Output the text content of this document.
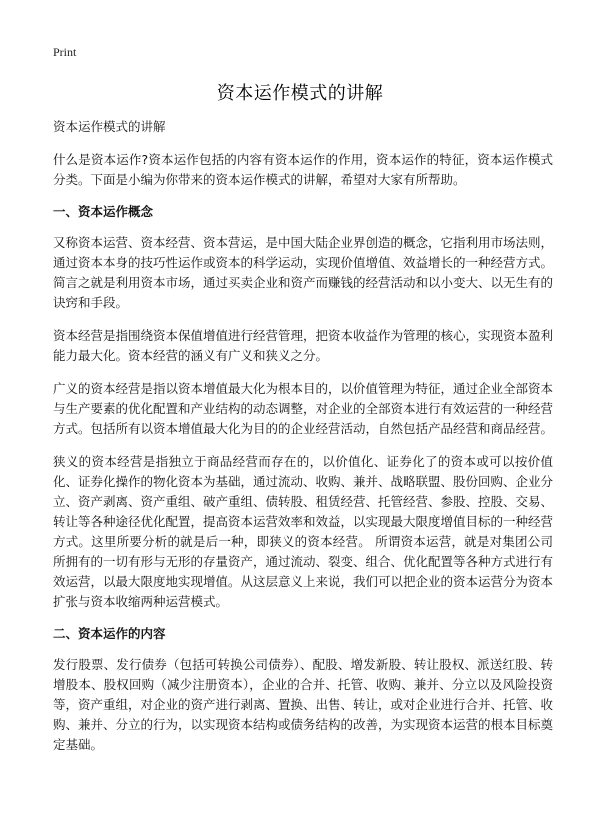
Print
资本运作模式的讲解
资本运作模式的讲解

什么是资本运作?资本运作包括的内容有资本运作的作用，资本运作的特征，资本运作模式分类。下面是小编为你带来的资本运作模式的讲解，希望对大家有所帮助。

一、资本运作概念

又称资本运营、资本经营、资本营运，是中国大陆企业界创造的概念，它指利用市场法则，通过资本本身的技巧性运作或资本的科学运动，实现价值增值、效益增长的一种经营方式。简言之就是利用资本市场，通过买卖企业和资产而赚钱的经营活动和以小变大、以无生有的诀窍和手段。

资本经营是指围绕资本保值增值进行经营管理，把资本收益作为管理的核心，实现资本盈利能力最大化。资本经营的涵义有广义和狭义之分。

广义的资本经营是指以资本增值最大化为根本目的，以价值管理为特征，通过企业全部资本与生产要素的优化配置和产业结构的动态调整，对企业的全部资本进行有效运营的一种经营方式。包括所有以资本增值最大化为目的的企业经营活动，自然包括产品经营和商品经营。

狭义的资本经营是指独立于商品经营而存在的，以价值化、证券化了的资本或可以按价值化、证券化操作的物化资本为基础，通过流动、收购、兼并、战略联盟、股份回购、企业分立、资产剥离、资产重组、破产重组、债转股、租赁经营、托管经营、参股、控股、交易、转让等各种途径优化配置，提高资本运营效率和效益，以实现最大限度增值目标的一种经营方式。这里所要分析的就是后一种，即狭义的资本经营。 所谓资本运营，就是对集团公司所拥有的一切有形与无形的存量资产，通过流动、裂变、组合、优化配置等各种方式进行有效运营，以最大限度地实现增值。从这层意义上来说，我们可以把企业的资本运营分为资本扩张与资本收缩两种运营模式。

二、资本运作的内容

发行股票、发行债券（包括可转换公司债券）、配股、增发新股、转让股权、派送红股、转增股本、股权回购（减少注册资本），企业的合并、托管、收购、兼并、分立以及风险投资等，资产重组，对企业的资产进行剥离、置换、出售、转让，或对企业进行合并、托管、收购、兼并、分立的行为，以实现资本结构或债务结构的改善，为实现资本运营的根本目标奠定基础。
